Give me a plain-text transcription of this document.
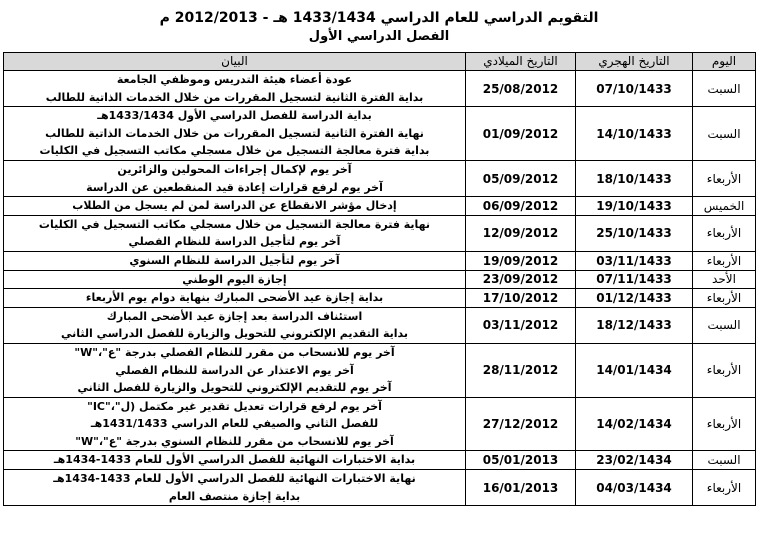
التقويم الدراسي للعام الدراسي 1433/1434 هـ - 2012/2013 م
الفصل الدراسي الأول
اليوم	التاريخ الهجري	التاريخ الميلادي	البيان
السبت	07/10/1433	25/08/2012	عودة أعضاء هيئة التدريس وموظفي الجامعة
بداية الفترة الثانية لتسجيل المقررات من خلال الخدمات الذاتية للطالب

السبت	14/10/1433	01/09/2012	بداية الدراسة للفصل الدراسي الأول 1433/1434هـ
نهاية الفترة الثانية لتسجيل المقررات من خلال الخدمات الذاتية للطالب
بداية فترة معالجة التسجيل من خلال مسجلي مكاتب التسجيل في الكليات

الأربعاء	18/10/1433	05/09/2012	آخر يوم لإكمال إجراءات المحولين والزائرين
آخر يوم لرفع قرارات إعادة قيد المنقطعين عن الدراسة

الخميس	19/10/1433	06/09/2012	إدخال مؤشر الانقطاع عن الدراسة لمن لم يسجل من الطلاب

الأربعاء	25/10/1433	12/09/2012	نهاية فترة معالجة التسجيل من خلال مسجلي مكاتب التسجيل في الكليات
آخر يوم لتأجيل الدراسة للنظام الفصلي

الأربعاء	03/11/1433	19/09/2012	آخر يوم لتأجيل الدراسة للنظام السنوي

الأحد	07/11/1433	23/09/2012	إجازة اليوم الوطني

الأربعاء	01/12/1433	17/10/2012	بداية إجازة عيد الأضحى المبارك بنهاية دوام يوم الأربعاء

السبت	18/12/1433	03/11/2012	استئناف الدراسة بعد إجازة عيد الأضحى المبارك
بداية التقديم الإلكتروني للتحويل والزيارة للفصل الدراسي الثاني

الأربعاء	14/01/1434	28/11/2012	آخر يوم للانسحاب من مقرر للنظام الفصلي بدرجة "ع"،"W"
آخر يوم الاعتذار عن الدراسة للنظام الفصلي
آخر يوم للتقديم الإلكتروني للتحويل والزيارة للفصل الثاني

الأربعاء	14/02/1434	27/12/2012	آخر يوم لرفع قرارات تعديل تقدير غير مكتمل (ل"،"IC"
للفصل الثاني والصيفي للعام الدراسي 1431/1433هـ
آخر يوم للانسحاب من مقرر للنظام السنوي بدرجة "ع"،"W"

السبت	23/02/1434	05/01/2013	بداية الاختبارات النهائية للفصل الدراسي الأول للعام 1433-1434هـ

الأربعاء	04/03/1434	16/01/2013	نهاية الاختبارات النهائية للفصل الدراسي الأول للعام 1433-1434هـ
بداية إجازة منتصف العام
